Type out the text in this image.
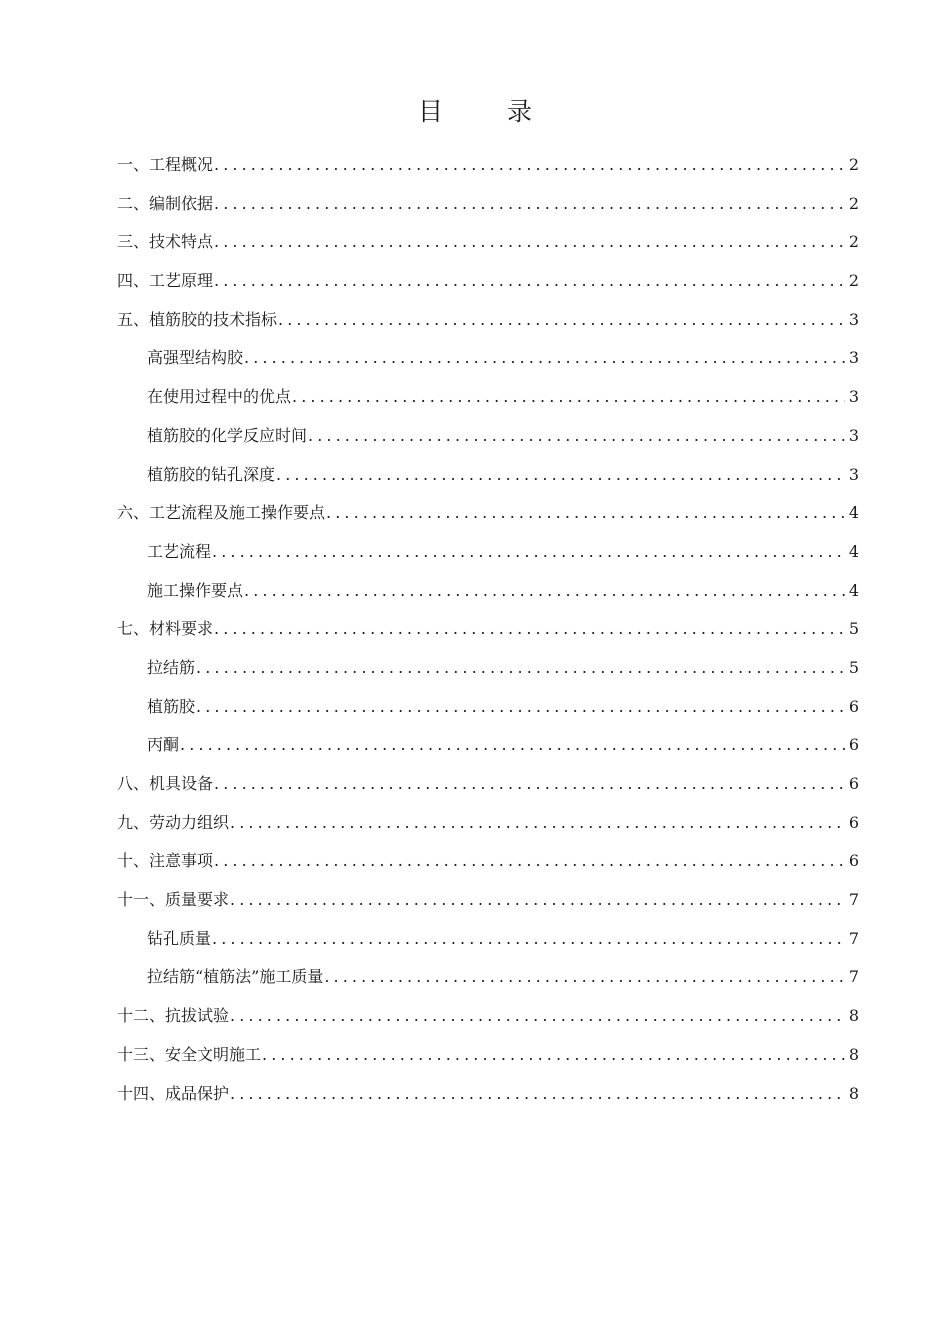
目 录
一、工程概况 .....	2
二、编制依据 .....	2
三、技术特点 .....	2
四、工艺原理 .....	2
五、植筋胶的技术指标 .....	3
高强型结构胶 .....	3
在使用过程中的优点 .....	3
植筋胶的化学反应时间 .....	3
植筋胶的钻孔深度 .....	3
六、工艺流程及施工操作要点 .....	4
工艺流程 .....	4
施工操作要点 .....	4
七、材料要求 .....	5
拉结筋 .....	5
植筋胶 .....	6
丙酮 .....	6
八、机具设备 .....	6
九、劳动力组织 .....	6
十、注意事项 .....	6
十一、质量要求 .....	7
钻孔质量 .....	7
拉结筋“植筋法”施工质量 .....	7
十二、抗拔试验 .....	8
十三、安全文明施工 .....	8
十四、成品保护 .....	8
